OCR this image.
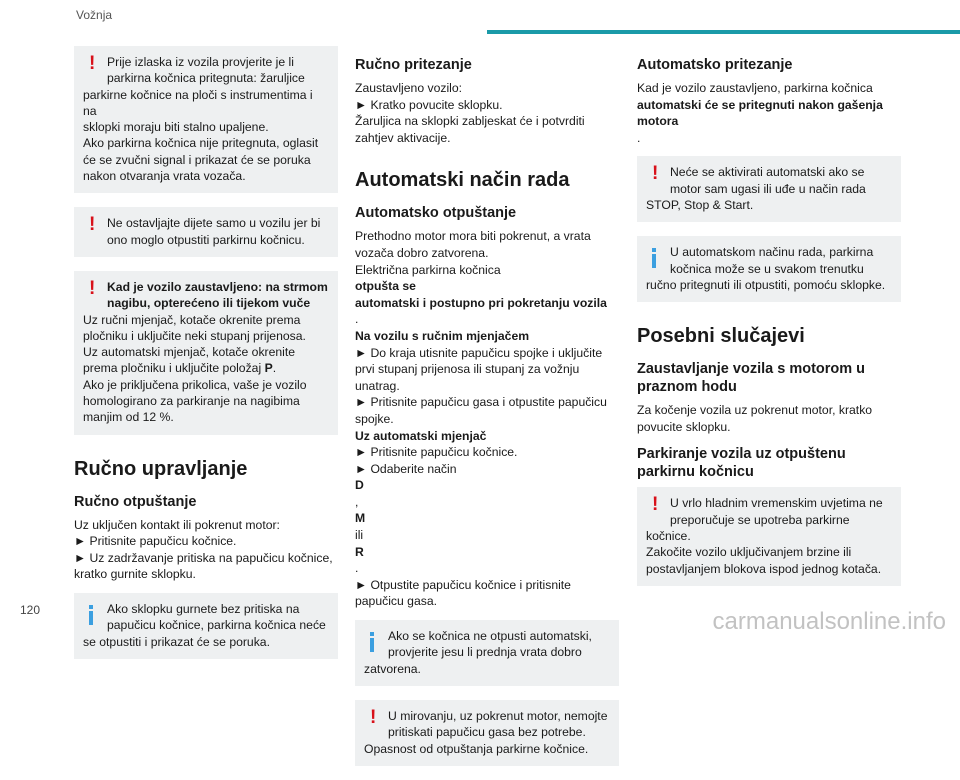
Vožnja
! Prije izlaska iz vozila provjerite je li
parkirna kočnica pritegnuta: žaruljice
parkirne kočnice na ploči s instrumentima i na
sklopki moraju biti stalno upaljene.
Ako parkirna kočnica nije pritegnuta, oglasit
će se zvučni signal i prikazat će se poruka
nakon otvaranja vrata vozača.
! Ne ostavljajte dijete samo u vozilu jer bi
ono moglo otpustiti parkirnu kočnicu.
! Kad je vozilo zaustavljeno: na strmom
nagibu, opterećeno ili tijekom vuče
Uz ručni mjenjač, kotače okrenite prema
pločniku i uključite neki stupanj prijenosa.
Uz automatski mjenjač, kotače okrenite
prema pločniku i uključite položaj P.
Ako je priključena prikolica, vaše je vozilo
homologirano za parkiranje na nagibima
manjim od 12 %.
Ručno upravljanje
Ručno otpuštanje
Uz uključen kontakt ili pokrenut motor:
► Pritisnite papučicu kočnice.
► Uz zadržavanje pritiska na papučicu kočnice,
kratko gurnite sklopku.
Ako sklopku gurnete bez pritiska na
papučicu kočnice, parkirna kočnica neće
se otpustiti i prikazat će se poruka.
Ručno pritezanje
Zaustavljeno vozilo:
► Kratko povucite sklopku.
Žaruljica na sklopki zabljeskat će i potvrditi
zahtjev aktivacije.
Automatski način rada
Automatsko otpuštanje
Prethodno motor mora biti pokrenut, a vrata
vozača dobro zatvorena.
Električna parkirna kočnica
otpušta se
automatski i postupno pri pokretanju vozila
.
Na vozilu s ručnim mjenjačem
► Do kraja utisnite papučicu spojke i uključite
prvi stupanj prijenosa ili stupanj za vožnju
unatrag.
► Pritisnite papučicu gasa i otpustite papučicu
spojke.
Uz automatski mjenjač
► Pritisnite papučicu kočnice.
► Odaberite način
D
,
M
ili
R
.
► Otpustite papučicu kočnice i pritisnite
papučicu gasa.
Ako se kočnica ne otpusti automatski,
provjerite jesu li prednja vrata dobro
zatvorena.
! U mirovanju, uz pokrenut motor, nemojte
pritiskati papučicu gasa bez potrebe.
Opasnost od otpuštanja parkirne kočnice.
Automatsko pritezanje
Kad je vozilo zaustavljeno, parkirna kočnica
automatski će se pritegnuti nakon gašenja
motora
.
! Neće se aktivirati automatski ako se
motor sam ugasi ili uđe u način rada
STOP, Stop & Start.
U automatskom načinu rada, parkirna
kočnica može se u svakom trenutku
ručno pritegnuti ili otpustiti, pomoću sklopke.
Posebni slučajevi
Zaustavljanje vozila s motorom u
praznom hodu
Za kočenje vozila uz pokrenut motor, kratko
povucite sklopku.
Parkiranje vozila uz otpuštenu
parkirnu kočnicu
! U vrlo hladnim vremenskim uvjetima ne
preporučuje se upotreba parkirne
kočnice.
Zakočite vozilo uključivanjem brzine ili
postavljanjem blokova ispod jednog kotača.
120	carmanualsonline.info
